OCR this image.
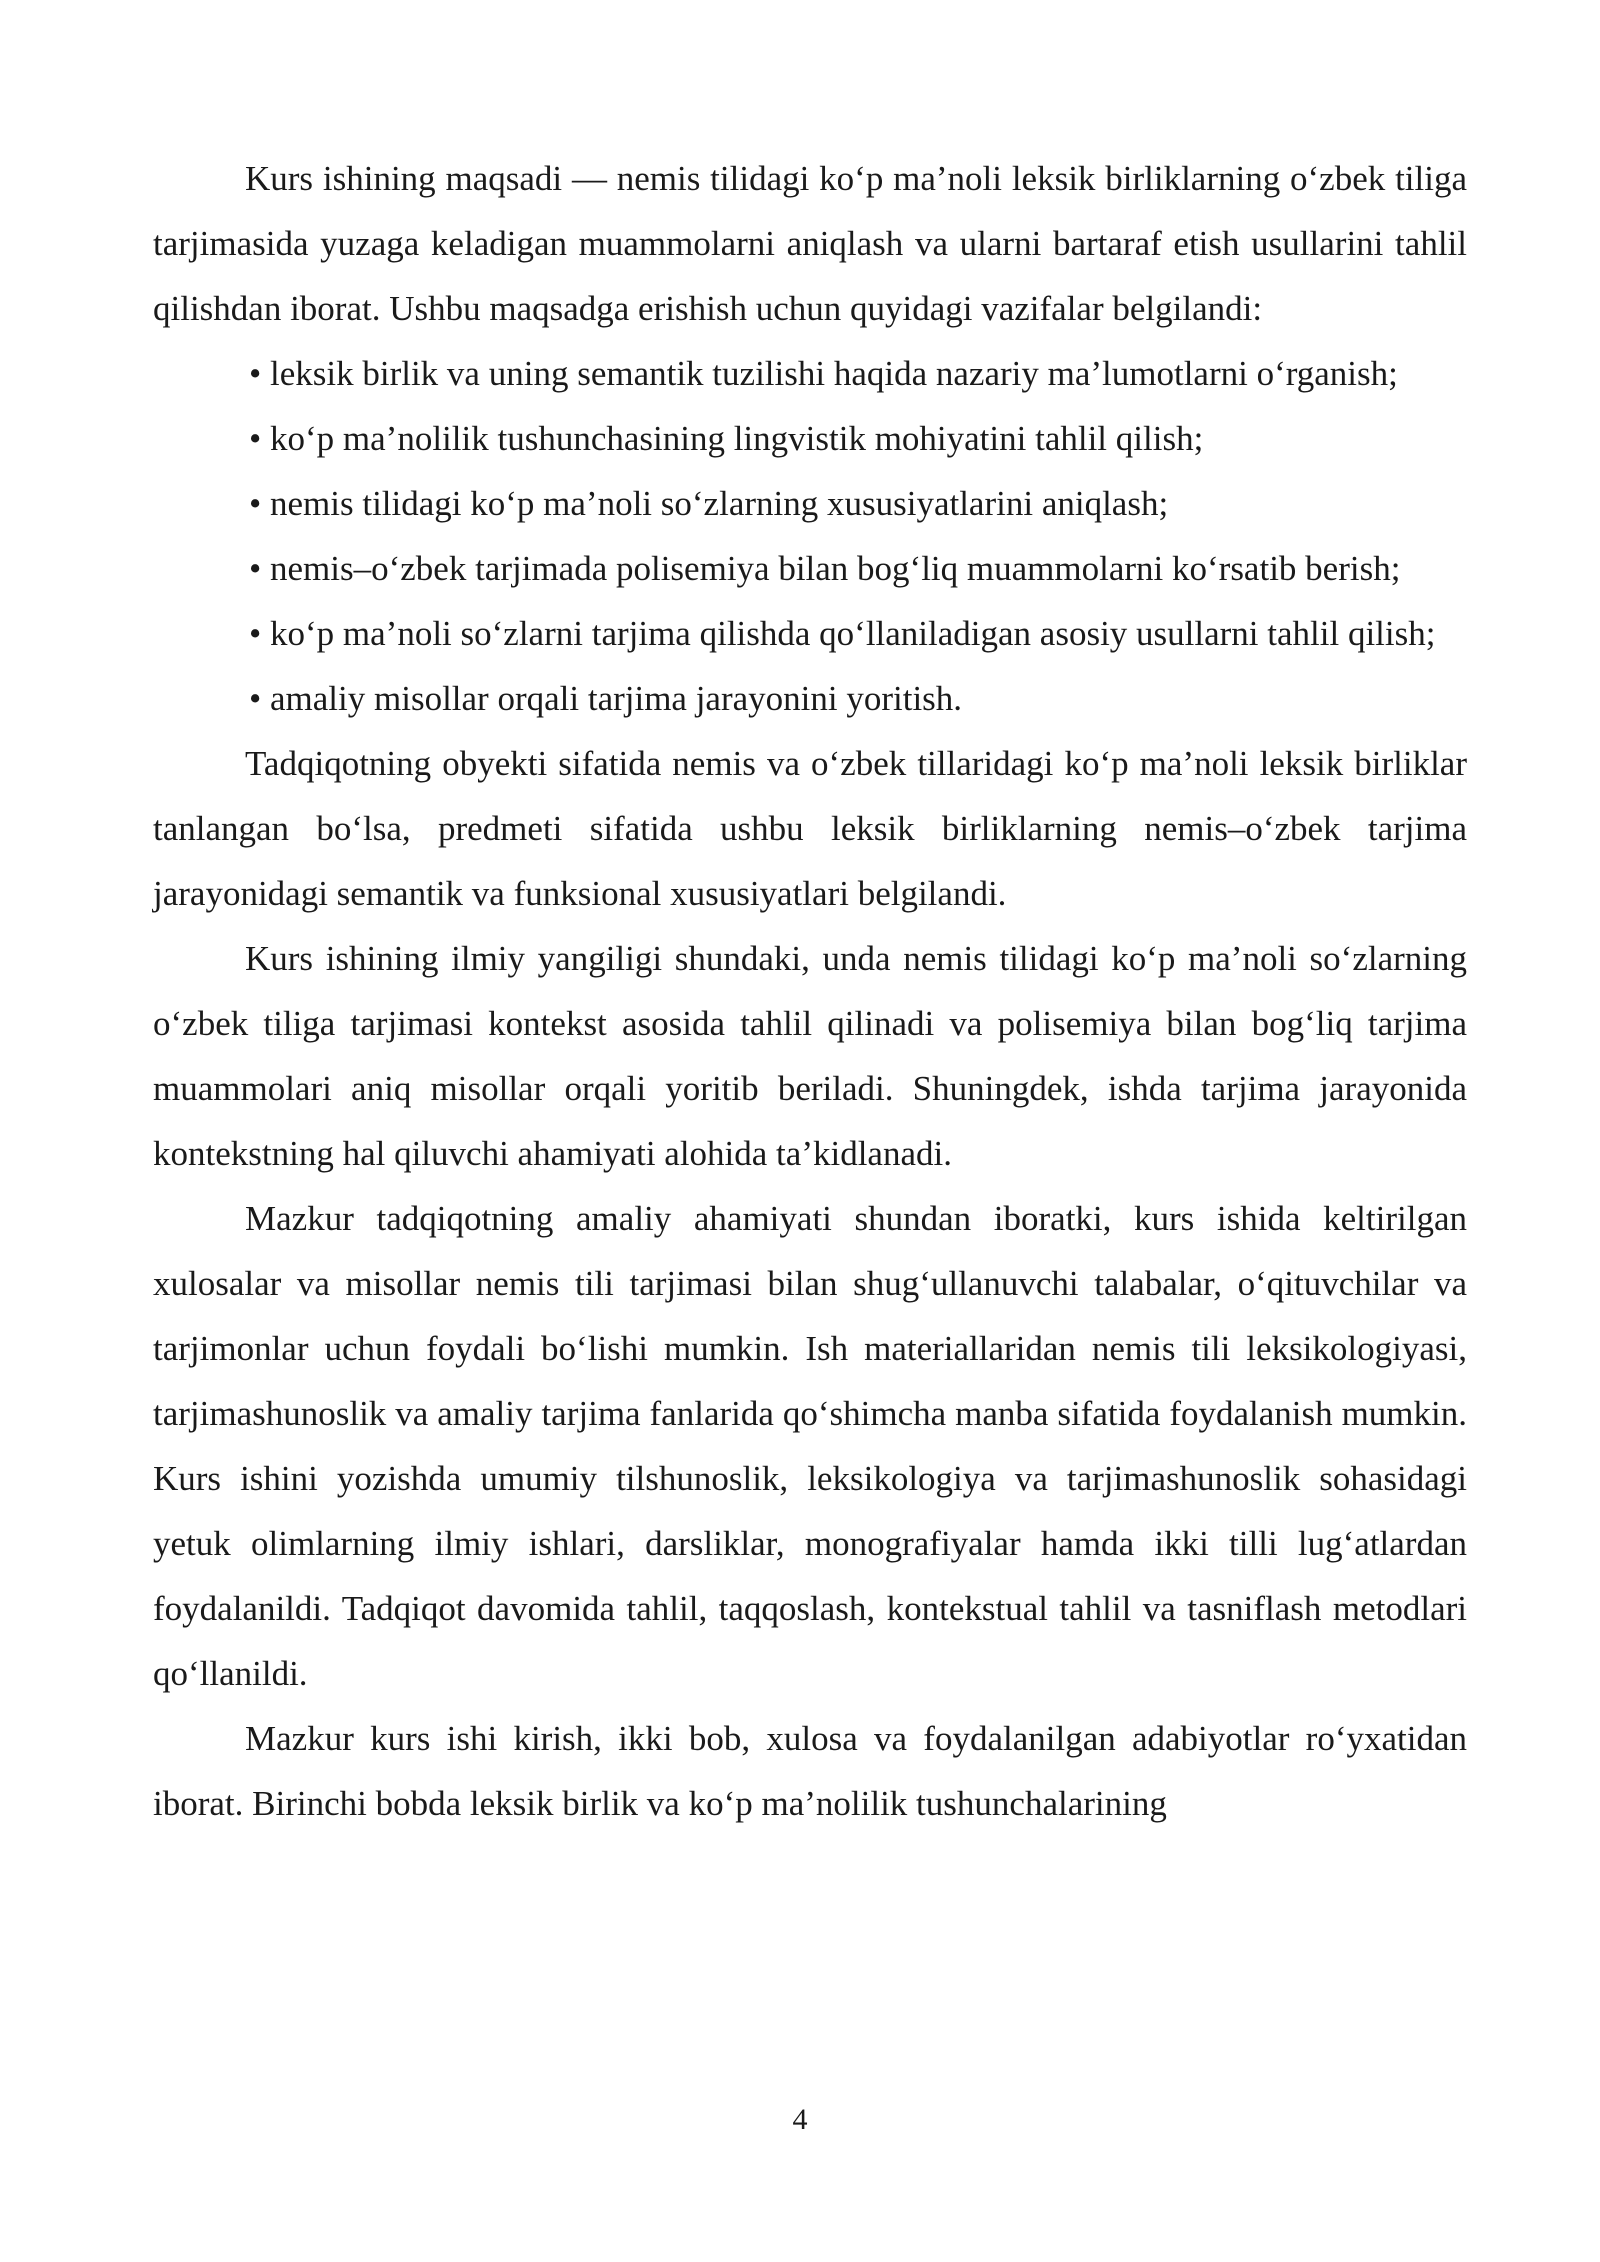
Kurs ishining maqsadi — nemis tilidagi ko‘p ma’noli leksik birliklarning o‘zbek tiliga tarjimasida yuzaga keladigan muammolarni aniqlash va ularni bartaraf etish usullarini tahlil qilishdan iborat. Ushbu maqsadga erishish uchun quyidagi vazifalar belgilandi:

• leksik birlik va uning semantik tuzilishi haqida nazariy ma’lumotlarni o‘rganish;

• ko‘p ma’nolilik tushunchasining lingvistik mohiyatini tahlil qilish;

• nemis tilidagi ko‘p ma’noli so‘zlarning xususiyatlarini aniqlash;

• nemis–o‘zbek tarjimada polisemiya bilan bog‘liq muammolarni ko‘rsatib berish;

• ko‘p ma’noli so‘zlarni tarjima qilishda qo‘llaniladigan asosiy usullarni tahlil qilish;

• amaliy misollar orqali tarjima jarayonini yoritish.

Tadqiqotning obyekti sifatida nemis va o‘zbek tillaridagi ko‘p ma’noli leksik birliklar tanlangan bo‘lsa, predmeti sifatida ushbu leksik birliklarning nemis–o‘zbek tarjima jarayonidagi semantik va funksional xususiyatlari belgilandi.

Kurs ishining ilmiy yangiligi shundaki, unda nemis tilidagi ko‘p ma’noli so‘zlarning o‘zbek tiliga tarjimasi kontekst asosida tahlil qilinadi va polisemiya bilan bog‘liq tarjima muammolari aniq misollar orqali yoritib beriladi. Shuningdek, ishda tarjima jarayonida kontekstning hal qiluvchi ahamiyati alohida ta’kidlanadi.

Mazkur tadqiqotning amaliy ahamiyati shundan iboratki, kurs ishida keltirilgan xulosalar va misollar nemis tili tarjimasi bilan shug‘ullanuvchi talabalar, o‘qituvchilar va tarjimonlar uchun foydali bo‘lishi mumkin. Ish materiallaridan nemis tili leksikologiyasi, tarjimashunoslik va amaliy tarjima fanlarida qo‘shimcha manba sifatida foydalanish mumkin. Kurs ishini yozishda umumiy tilshunoslik, leksikologiya va tarjimashunoslik sohasidagi yetuk olimlarning ilmiy ishlari, darsliklar, monografiyalar hamda ikki tilli lug‘atlardan foydalanildi. Tadqiqot davomida tahlil, taqqoslash, kontekstual tahlil va tasniflash metodlari qo‘llanildi.

Mazkur kurs ishi kirish, ikki bob, xulosa va foydalanilgan adabiyotlar ro‘yxatidan iborat. Birinchi bobda leksik birlik va ko‘p ma’nolilik tushunchalarining

4
